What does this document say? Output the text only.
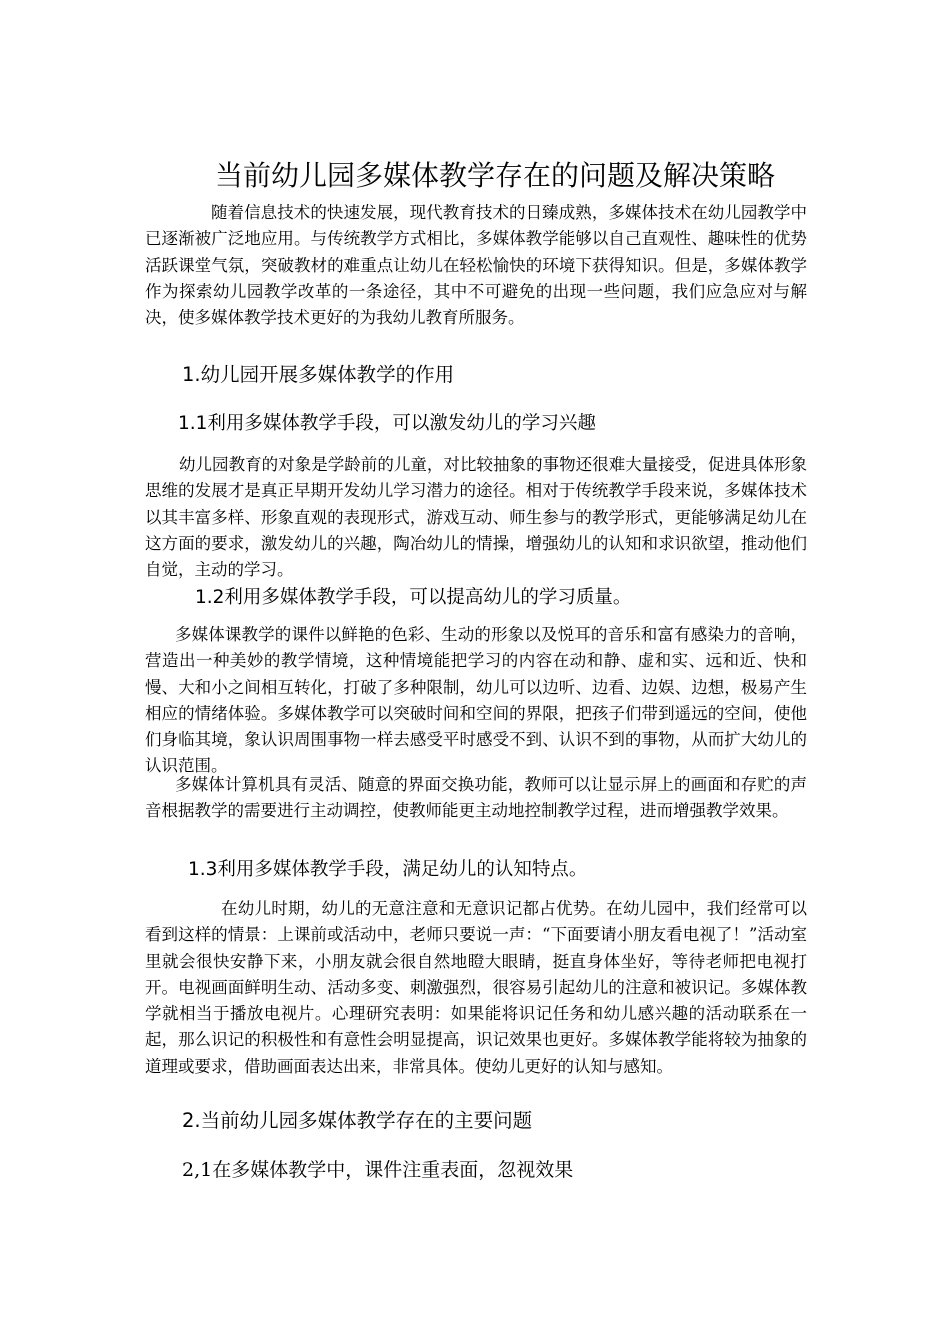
当前幼儿园多媒体教学存在的问题及解决策略

随着信息技术的快速发展，现代教育技术的日臻成熟，多媒体技术在幼儿园教学中已逐渐被广泛地应用。与传统教学方式相比，多媒体教学能够以自己直观性、趣味性的优势活跃课堂气氛，突破教材的难重点让幼儿在轻松愉快的环境下获得知识。但是，多媒体教学作为探索幼儿园教学改革的一条途径，其中不可避免的出现一些问题，我们应急应对与解决，使多媒体教学技术更好的为我幼儿教育所服务。

1.幼儿园开展多媒体教学的作用
1.1利用多媒体教学手段，可以激发幼儿的学习兴趣

幼儿园教育的对象是学龄前的儿童，对比较抽象的事物还很难大量接受，促进具体形象思维的发展才是真正早期开发幼儿学习潜力的途径。相对于传统教学手段来说，多媒体技术以其丰富多样、形象直观的表现形式，游戏互动、师生参与的教学形式，更能够满足幼儿在这方面的要求，激发幼儿的兴趣，陶冶幼儿的情操，增强幼儿的认知和求识欲望，推动他们自觉，主动的学习。

1.2利用多媒体教学手段，可以提高幼儿的学习质量。

多媒体课教学的课件以鲜艳的色彩、生动的形象以及悦耳的音乐和富有感染力的音响，营造出一种美妙的教学情境，这种情境能把学习的内容在动和静、虚和实、远和近、快和慢、大和小之间相互转化，打破了多种限制，幼儿可以边听、边看、边娱、边想，极易产生相应的情绪体验。多媒体教学可以突破时间和空间的界限，把孩子们带到遥远的空间，使他们身临其境，象认识周围事物一样去感受平时感受不到、认识不到的事物，从而扩大幼儿的认识范围。

多媒体计算机具有灵活、随意的界面交换功能，教师可以让显示屏上的画面和存贮的声音根据教学的需要进行主动调控，使教师能更主动地控制教学过程，进而增强教学效果。

1.3利用多媒体教学手段，满足幼儿的认知特点。

在幼儿时期，幼儿的无意注意和无意识记都占优势。在幼儿园中，我们经常可以看到这样的情景：上课前或活动中，老师只要说一声：“下面要请小朋友看电视了！”活动室里就会很快安静下来，小朋友就会很自然地瞪大眼睛，挺直身体坐好，等待老师把电视打开。电视画面鲜明生动、活动多变、刺激强烈，很容易引起幼儿的注意和被识记。多媒体教学就相当于播放电视片。心理研究表明：如果能将识记任务和幼儿感兴趣的活动联系在一起，那么识记的积极性和有意性会明显提高，识记效果也更好。多媒体教学能将较为抽象的道理或要求，借助画面表达出来，非常具体。使幼儿更好的认知与感知。

2.当前幼儿园多媒体教学存在的主要问题
2,1在多媒体教学中，课件注重表面，忽视效果
